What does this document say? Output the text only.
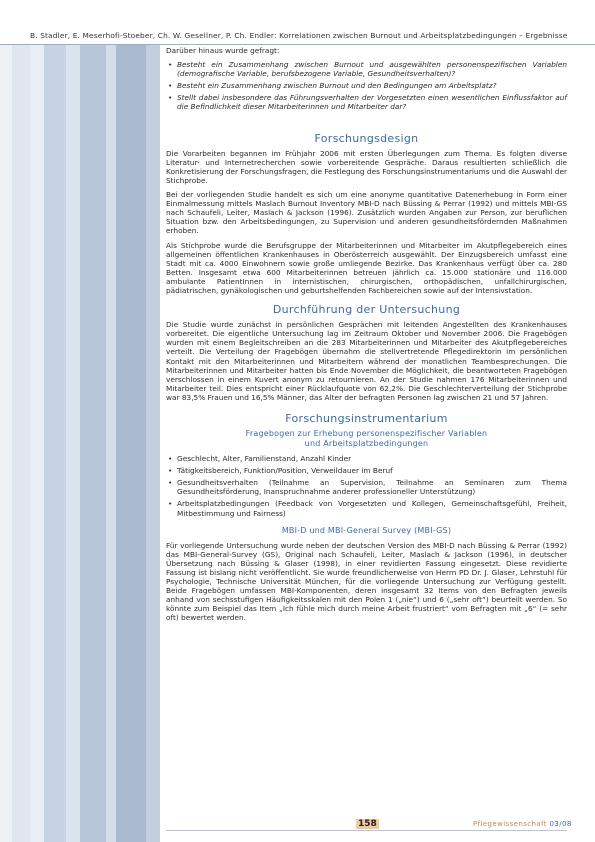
B. Stadler, E. Meserhofi-Stoeber, Ch. W. Gesellner, P. Ch. Endler: Korrelationen zwischen Burnout und Arbeitsplatzbedingungen – Ergebnisse

Darüber hinaus wurde gefragt:

• Besteht ein Zusammenhang zwischen Burnout und ausgewählten personenspezifischen Variablen (demografische Variable, berufsbezogene Variable, Gesundheitsverhalten)?
• Besteht ein Zusammenhang zwischen Burnout und den Bedingungen am Arbeitsplatz?
• Stellt dabei insbesondere das Führungsverhalten der Vorgesetzten einen wesentlichen Einflussfaktor auf die Befindlichkeit dieser Mitarbeiterinnen und Mitarbeiter dar?
Forschungsdesign

Die Vorarbeiten begannen im Frühjahr 2006 mit ersten Überlegungen zum Thema. Es folgten diverse Literatur- und Internetrecherchen sowie vorbereitende Gespräche. Daraus resultierten schließlich die Konkretisierung der Forschungsfragen, die Festlegung des Forschungsinstrumentariums und die Auswahl der Stichprobe.

Bei der vorliegenden Studie handelt es sich um eine anonyme quantitative Datenerhebung in Form einer Einmalmessung mittels Maslach Burnout Inventory MBI-D nach Büssing & Perrar (1992) und mittels MBI-GS nach Schaufeli, Leiter, Maslach & Jackson (1996). Zusätzlich wurden Angaben zur Person, zur beruflichen Situation bzw. den Arbeitsbedingungen, zu Supervision und anderen gesundheitsfördernden Maßnahmen erhoben.

Als Stichprobe wurde die Berufsgruppe der Mitarbeiterinnen und Mitarbeiter im Akutpflegebereich eines allgemeinen öffentlichen Krankenhauses in Oberösterreich ausgewählt. Der Einzugsbereich umfasst eine Stadt mit ca. 4000 Einwohnern sowie große umliegende Bezirke. Das Krankenhaus verfügt über ca. 280 Betten. Insgesamt etwa 600 Mitarbeiterinnen betreuen jährlich ca. 15.000 stationäre und 116.000 ambulante PatientInnen in internistischen, chirurgischen, orthopädischen, unfallchirurgischen, pädiatrischen, gynäkologischen und geburtshelfenden Fachbereichen sowie auf der Intensivstation.

Durchführung der Untersuchung

Die Studie wurde zunächst in persönlichen Gesprächen mit leitenden Angestellten des Krankenhauses vorbereitet. Die eigentliche Untersuchung lag im Zeitraum Oktober und November 2006. Die Fragebögen wurden mit einem Begleitschreiben an die 283 Mitarbeiterinnen und Mitarbeiter des Akutpflegebereiches verteilt. Die Verteilung der Fragebögen übernahm die stellvertretende Pflegedirektorin im persönlichen Kontakt mit den Mitarbeiterinnen und Mitarbeitern während der monatlichen Teambesprechungen. Die Mitarbeiterinnen und Mitarbeiter hatten bis Ende November die Möglichkeit, die beantworteten Fragebögen verschlossen in einem Kuvert anonym zu retournieren. An der Studie nahmen 176 Mitarbeiterinnen und Mitarbeiter teil. Dies entspricht einer Rücklaufquote von 62,2%. Die Geschlechterverteilung der Stichprobe war 83,5% Frauen und 16,5% Männer, das Alter der befragten Personen lag zwischen 21 und 57 Jahren.

Forschungsinstrumentarium
Fragebogen zur Erhebung personenspezifischer Variablen
und Arbeitsplatzbedingungen
• Geschlecht, Alter, Familienstand, Anzahl Kinder
• Tätigkeitsbereich, Funktion/Position, Verweildauer im Beruf
• Gesundheitsverhalten (Teilnahme an Supervision, Teilnahme an Seminaren zum Thema Gesundheitsförderung, Inanspruchnahme anderer professioneller Unterstützung)
• Arbeitsplatzbedingungen (Feedback von Vorgesetzten und Kollegen, Gemeinschaftsgefühl, Freiheit, Mitbestimmung und Fairness)
MBI-D und MBI-General Survey (MBI-GS)

Für vorliegende Untersuchung wurde neben der deutschen Version des MBI-D nach Büssing & Perrar (1992) das MBI-General-Survey (GS), Original nach Schaufeli, Leiter, Maslach & Jackson (1996), in deutscher Übersetzung nach Büssing & Glaser (1998), in einer revidierten Fassung eingesetzt. Diese revidierte Fassung ist bislang nicht veröffentlicht. Sie wurde freundlicherweise von Herrn PD Dr. J. Glaser, Lehrstuhl für Psychologie, Technische Universität München, für die vorliegende Untersuchung zur Verfügung gestellt. Beide Fragebögen umfassen MBI-Komponenten, deren insgesamt 32 Items von den Befragten jeweils anhand von sechsstufigen Häufigkeitsskalen mit den Polen 1 („nie“) und 6 („sehr oft“) beurteilt werden. So könnte zum Beispiel das Item „Ich fühle mich durch meine Arbeit frustriert“ vom Befragten mit „6“ (= sehr oft) bewertet werden.

158	Pflegewissenschaft 03/08
